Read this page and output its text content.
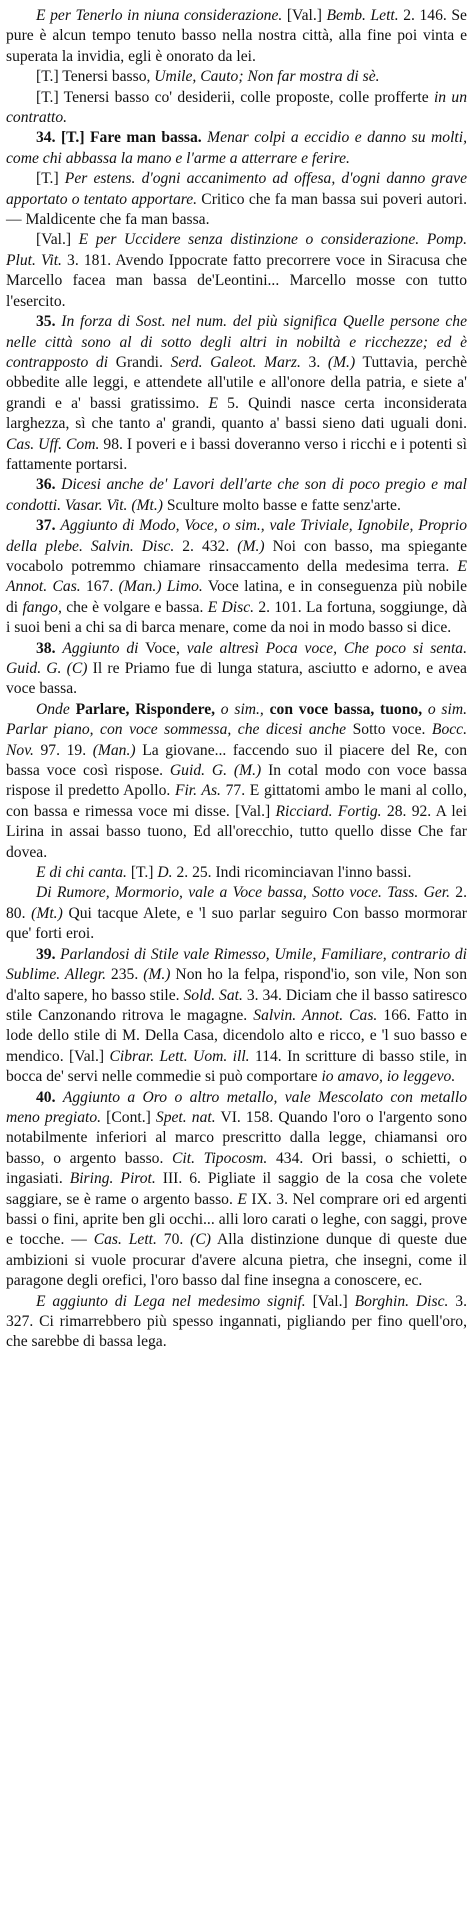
E per Tenerlo in niuna considerazione. [Val.] Bemb. Lett. 2. 146. Se pure è alcun tempo tenuto basso nella nostra città, alla fine poi vinta e superata la invidia, egli è onorato da lei.

[T.] Tenersi basso, Umile, Cauto; Non far mostra di sè.

[T.] Tenersi basso co' desiderii, colle proposte, colle profferte in un contratto.

34. [T.] Fare man bassa. Menar colpi a eccidio e danno su molti, come chi abbassa la mano e l'arme a atterrare e ferire.

[T.] Per estens. d'ogni accanimento ad offesa, d'ogni danno grave apportato o tentato apportare. Critico che fa man bassa sui poveri autori. — Maldicente che fa man bassa.

[Val.] E per Uccidere senza distinzione o considerazione. Pomp. Plut. Vit. 3. 181. Avendo Ippocrate fatto precorrere voce in Siracusa che Marcello facea man bassa de'Leontini... Marcello mosse con tutto l'esercito.

35. In forza di Sost. nel num. del più significa Quelle persone che nelle città sono al di sotto degli altri in nobiltà e ricchezze; ed è contrapposto di Grandi. Serd. Galeot. Marz. 3. (M.) Tuttavia, perchè obbedite alle leggi, e attendete all'utile e all'onore della patria, e siete a' grandi e a' bassi gratissimo. E 5. Quindi nasce certa inconsiderata larghezza, sì che tanto a' grandi, quanto a' bassi sieno dati uguali doni. Cas. Uff. Com. 98. I poveri e i bassi doveranno verso i ricchi e i potenti sì fattamente portarsi.

36. Dicesi anche de' Lavori dell'arte che son di poco pregio e mal condotti. Vasar. Vit. (Mt.) Sculture molto basse e fatte senz'arte.

37. Aggiunto di Modo, Voce, o sim., vale Triviale, Ignobile, Proprio della plebe. Salvin. Disc. 2. 432. (M.) Noi con basso, ma spiegante vocabolo potremmo chiamare rinsaccamento della medesima terra. E Annot. Cas. 167. (Man.) Limo. Voce latina, e in conseguenza più nobile di fango, che è volgare e bassa. E Disc. 2. 101. La fortuna, soggiunge, dà i suoi beni a chi sa di barca menare, come da noi in modo basso si dice.

38. Aggiunto di Voce, vale altresì Poca voce, Che poco si senta. Guid. G. (C) Il re Priamo fue di lunga statura, asciutto e adorno, e avea voce bassa.

Onde Parlare, Rispondere, o sim., con voce bassa, tuono, o sim. Parlar piano, con voce sommessa, che dicesi anche Sotto voce. Bocc. Nov. 97. 19. (Man.) La giovane... faccendo suo il piacere del Re, con bassa voce così rispose. Guid. G. (M.) In cotal modo con voce bassa rispose il predetto Apollo. Fir. As. 77. E gittatomi ambo le mani al collo, con bassa e rimessa voce mi disse. [Val.] Ricciard. Fortig. 28. 92. A lei Lirina in assai basso tuono, Ed all'orecchio, tutto quello disse Che far dovea.

E di chi canta. [T.] D. 2. 25. Indi ricominciavan l'inno bassi.

Di Rumore, Mormorio, vale a Voce bassa, Sotto voce. Tass. Ger. 2. 80. (Mt.) Qui tacque Alete, e 'l suo parlar seguiro Con basso mormorar que' forti eroi.

39. Parlandosi di Stile vale Rimesso, Umile, Familiare, contrario di Sublime. Allegr. 235. (M.) Non ho la felpa, rispond'io, son vile, Non son d'alto sapere, ho basso stile. Sold. Sat. 3. 34. Diciam che il basso satiresco stile Canzonando ritrova le magagne. Salvin. Annot. Cas. 166. Fatto in lode dello stile di M. Della Casa, dicendolo alto e ricco, e 'l suo basso e mendico. [Val.] Cibrar. Lett. Uom. ill. 114. In scritture di basso stile, in bocca de' servi nelle commedie si può comportare io amavo, io leggevo.

40. Aggiunto a Oro o altro metallo, vale Mescolato con metallo meno pregiato. [Cont.] Spet. nat. VI. 158. Quando l'oro o l'argento sono notabilmente inferiori al marco prescritto dalla legge, chiamansi oro basso, o argento basso. Cit. Tipocosm. 434. Ori bassi, o schietti, o ingasiati. Biring. Pirot. III. 6. Pigliate il saggio de la cosa che volete saggiare, se è rame o argento basso. E IX. 3. Nel comprare ori ed argenti bassi o fini, aprite ben gli occhi... alli loro carati o leghe, con saggi, prove e tocche. — Cas. Lett. 70. (C) Alla distinzione dunque di queste due ambizioni si vuole procurar d'avere alcuna pietra, che insegni, come il paragone degli orefici, l'oro basso dal fine insegna a conoscere, ec.

E aggiunto di Lega nel medesimo signif. [Val.] Borghin. Disc. 3. 327. Ci rimarrebbero più spesso ingannati, pigliando per fino quell'oro, che sarebbe di bassa lega.
